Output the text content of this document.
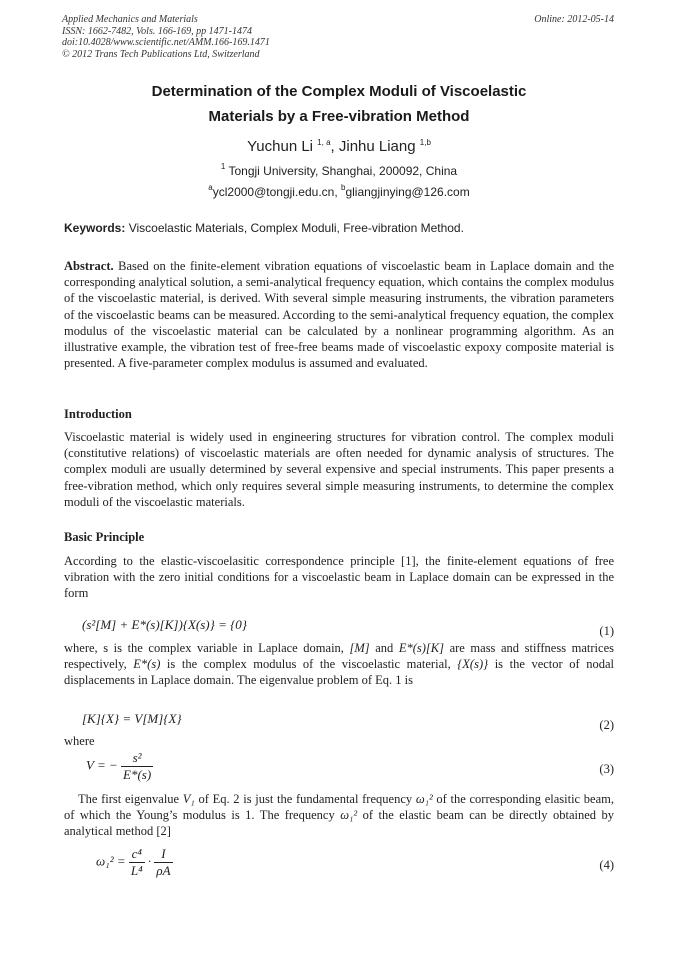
Applied Mechanics and Materials
ISSN: 1662-7482, Vols. 166-169, pp 1471-1474
doi:10.4028/www.scientific.net/AMM.166-169.1471
© 2012 Trans Tech Publications Ltd, Switzerland
Online: 2012-05-14
Determination of the Complex Moduli of Viscoelastic
Materials by a Free-vibration Method
Yuchun Li $^{1, a}$, Jinhu Liang $^{1,b}$
$^1$ Tongji University, Shanghai, 200092, China
$^a$ycl2000@tongji.edu.cn, $^b$gliangjinying@126.com
Keywords: Viscoelastic Materials, Complex Moduli, Free-vibration Method.
Abstract. Based on the finite-element vibration equations of viscoelastic beam in Laplace domain and the corresponding analytical solution, a semi-analytical frequency equation, which contains the complex modulus of the viscoelastic material, is derived. With several simple measuring instruments, the vibration parameters of the viscoelastic beams can be measured. According to the semi-analytical frequency equation, the complex modulus of the viscoelastic material can be calculated by a nonlinear programming algorithm. As an illustrative example, the vibration test of free-free beams made of viscoelastic expoxy composite material is presented. A five-parameter complex modulus is assumed and evaluated.
Introduction
Viscoelastic material is widely used in engineering structures for vibration control. The complex moduli (constitutive relations) of viscoelastic materials are often needed for dynamic analysis of structures. The complex moduli are usually determined by several expensive and special instruments. This paper presents a free-vibration method, which only requires several simple measuring instruments, to determine the complex moduli of the viscoelastic materials.
Basic Principle
According to the elastic-viscoelasitic correspondence principle [1], the finite-element equations of free vibration with the zero initial conditions for a viscoelastic beam in Laplace domain can be expressed in the form
(s²[M] + E*(s)[K]){X(s)} = {0}	(1)
where, s is the complex variable in Laplace domain, [M] and E*(s)[K] are mass and stiffness matrices respectively, E*(s) is the complex modulus of the viscoelastic material, {X(s)} is the vector of nodal displacements in Laplace domain. The eigenvalue problem of Eq. 1 is
[K]{X} = V[M]{X}	(2)
where
V = − $\frac{\text{s²}}{E*(s)}$	(3)
The first eigenvalue V₁ of Eq. 2 is just the fundamental frequency ω₁² of the corresponding elasitic beam, of which the Young’s modulus is 1. The frequency ω₁² of the elastic beam can be directly obtained by analytical method [2]
$\omega_1^2 = \frac{\text{c⁴}}{\text{L⁴}} \cdot \frac{I}{\rho A}$	(4)
